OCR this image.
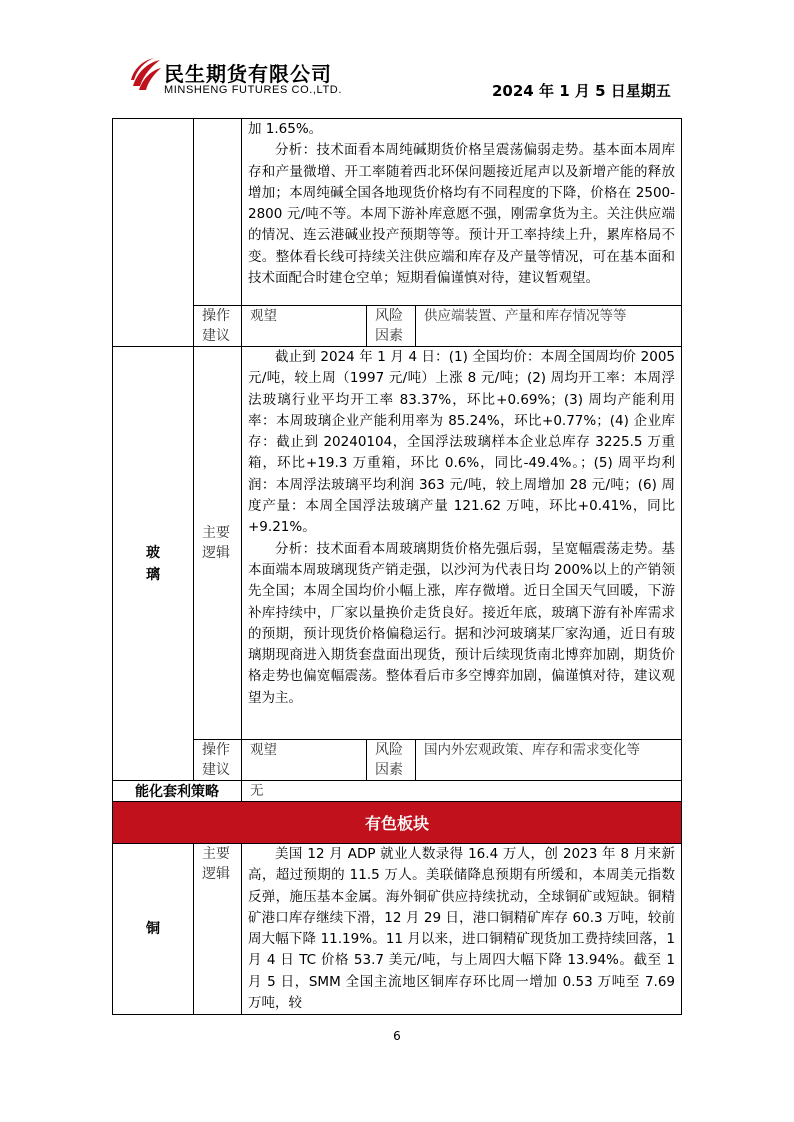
民生期货有限公司
MINSHENG FUTURES CO.,LTD.	2024 年 1 月 5 日星期五

		加 1.65%。

分析：技术面看本周纯碱期货价格呈震荡偏弱走势。基本面本周库存和产量微增、开工率随着西北环保问题接近尾声以及新增产能的释放增加；本周纯碱全国各地现货价格均有不同程度的下降，价格在 2500-2800 元/吨不等。本周下游补库意愿不强，刚需拿货为主。关注供应端的情况、连云港碱业投产预期等等。预计开工率持续上升，累库格局不变。整体看长线可持续关注供应端和库存及产量等情况，可在基本面和技术面配合时建仓空单；短期看偏谨慎对待，建议暂观望。		

	操作建议	观望	风险因素	供应端装置、产量和库存情况等等
玻璃	主要逻辑	截止到 2024 年 1 月 4 日：(1) 全国均价：本周全国周均价 2005 元/吨，较上周（1997 元/吨）上涨 8 元/吨；(2) 周均开工率：本周浮法玻璃行业平均开工率 83.37%，环比+0.69%；(3) 周均产能利用率：本周玻璃企业产能利用率为 85.24%，环比+0.77%；(4) 企业库存：截止到 20240104，全国浮法玻璃样本企业总库存 3225.5 万重箱，环比+19.3 万重箱，环比 0.6%，同比-49.4%。；(5) 周平均利润：本周浮法玻璃平均利润 363 元/吨，较上周增加 28 元/吨；(6) 周度产量：本周全国浮法玻璃产量 121.62 万吨，环比+0.41%，同比+9.21%。

分析：技术面看本周玻璃期货价格先强后弱，呈宽幅震荡走势。基本面端本周玻璃现货产销走强，以沙河为代表日均 200%以上的产销领先全国；本周全国均价小幅上涨，库存微增。近日全国天气回暖，下游补库持续中，厂家以量换价走货良好。接近年底，玻璃下游有补库需求的预期，预计现货价格偏稳运行。据和沙河玻璃某厂家沟通，近日有玻璃期现商进入期货套盘面出现货，预计后续现货南北博弈加剧，期货价格走势也偏宽幅震荡。整体看后市多空博弈加剧，偏谨慎对待，建议观望为主。		

	操作建议	观望	风险因素	国内外宏观政策、库存和需求变化等
能化套利策略		无		
有色板块				
铜	主要逻辑	美国 12 月 ADP 就业人数录得 16.4 万人，创 2023 年 8 月来新高，超过预期的 11.5 万人。美联储降息预期有所缓和，本周美元指数反弹，施压基本金属。海外铜矿供应持续扰动，全球铜矿或短缺。铜精矿港口库存继续下滑，12 月 29 日，港口铜精矿库存 60.3 万吨，较前周大幅下降 11.19%。11 月以来，进口铜精矿现货加工费持续回落，1 月 4 日 TC 价格 53.7 美元/吨，与上周四大幅下降 13.94%。截至 1 月 5 日，SMM 全国主流地区铜库存环比周一增加 0.53 万吨至 7.69 万吨，较		

6
